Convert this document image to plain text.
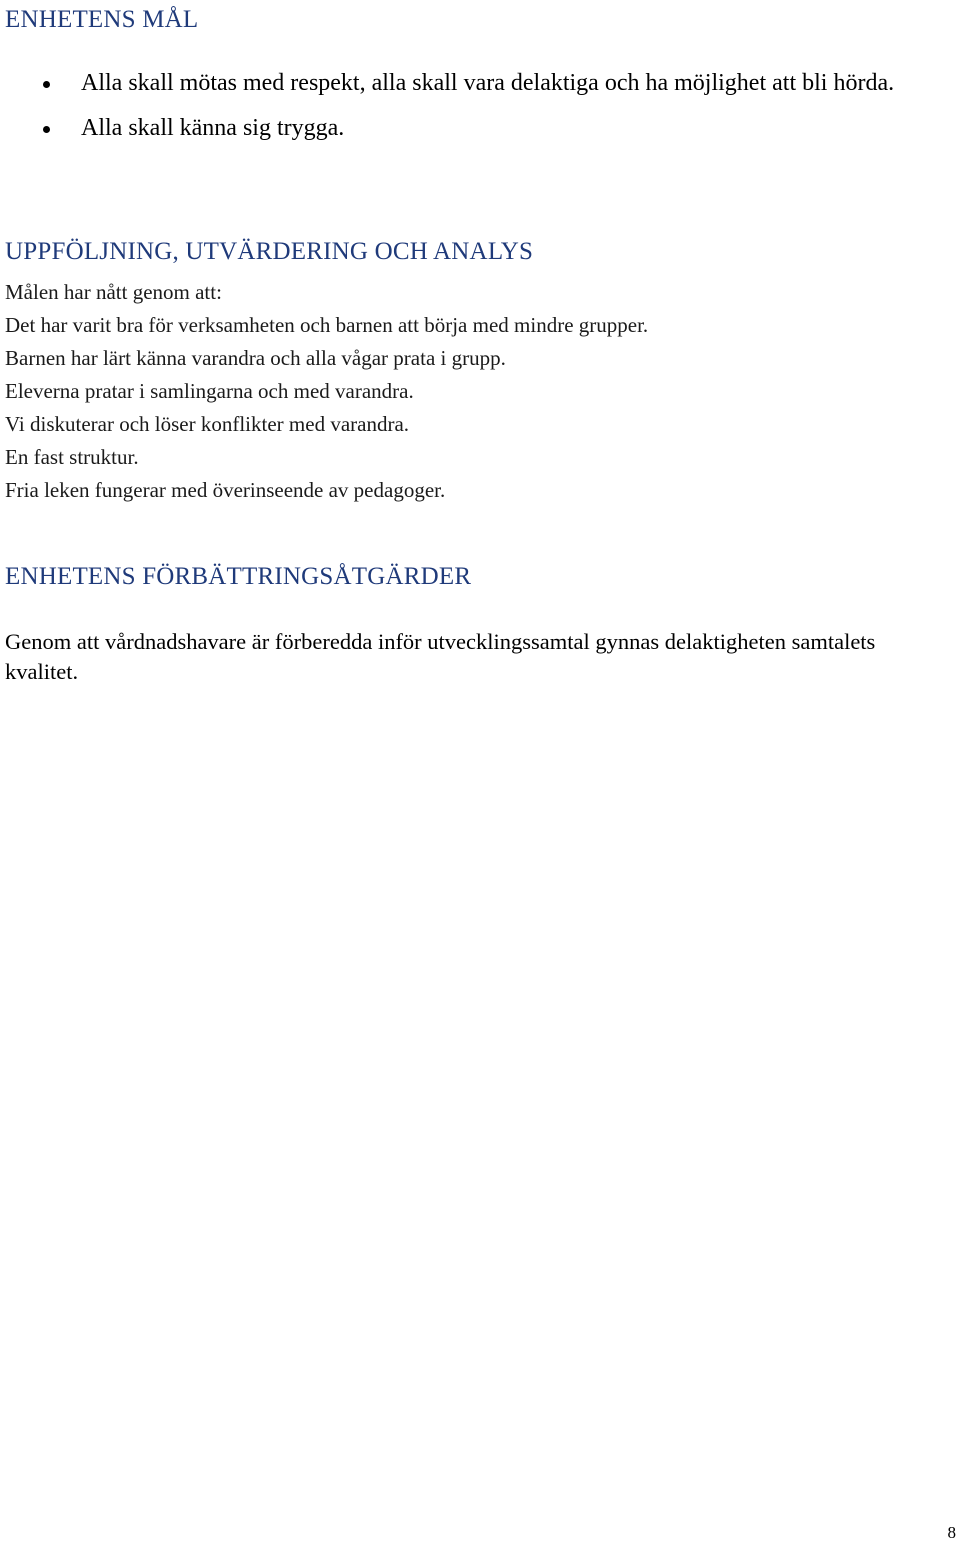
ENHETENS MÅL
Alla skall mötas med respekt, alla skall vara delaktiga och ha möjlighet att bli hörda.
Alla skall känna sig trygga.
UPPFÖLJNING, UTVÄRDERING OCH ANALYS
Målen har nått genom att:
Det har varit bra för verksamheten och barnen att börja med mindre grupper.
Barnen har lärt känna varandra och alla vågar prata i grupp.
Eleverna pratar i samlingarna och med varandra.
Vi diskuterar och löser konflikter med varandra.
En fast struktur.
Fria leken fungerar med överinseende av pedagoger.
ENHETENS FÖRBÄTTRINGSÅTGÄRDER

Genom att vårdnadshavare är förberedda inför utvecklingssamtal gynnas delaktigheten samtalets kvalitet.

8
